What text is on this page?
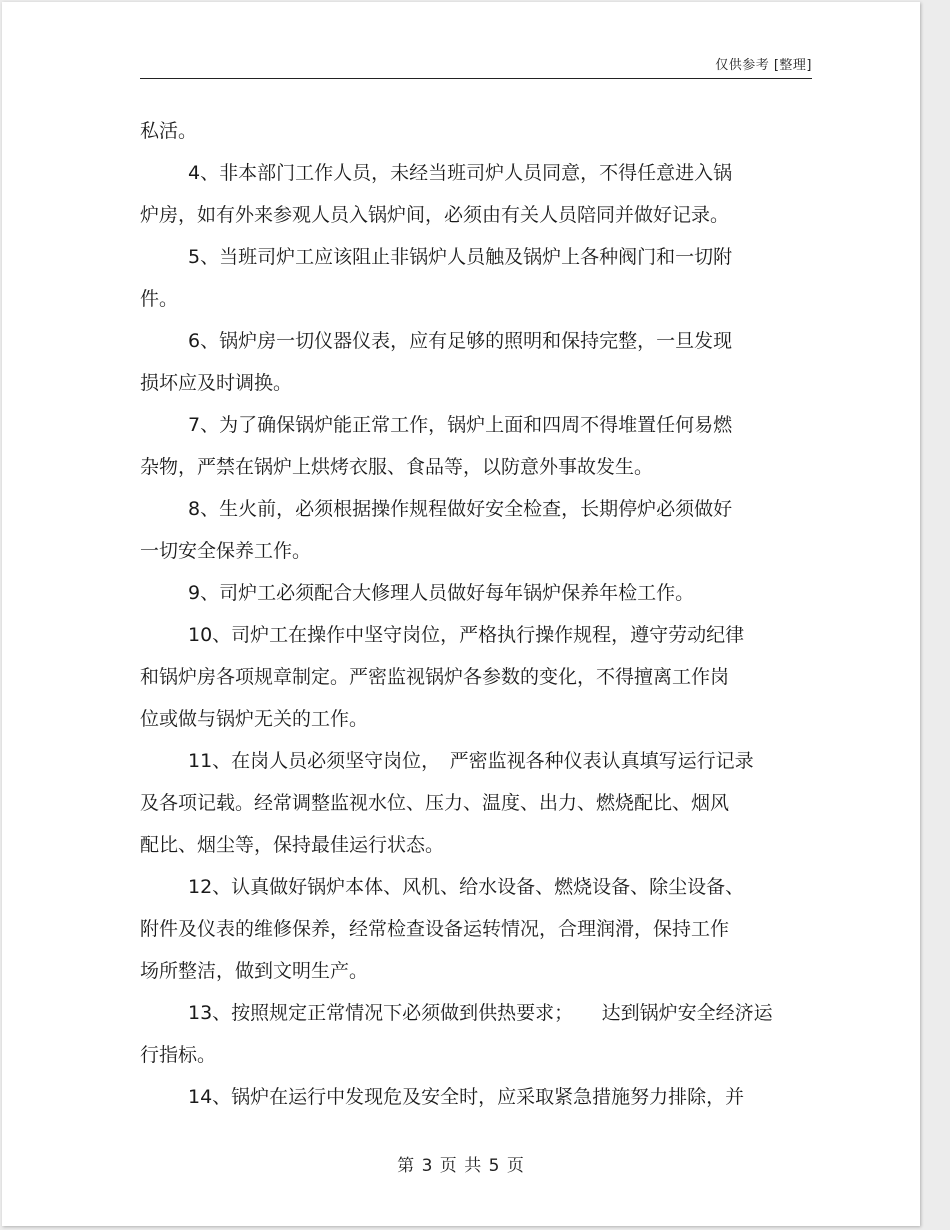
仅供参考 [整理]
私活。
4、非本部门工作人员，未经当班司炉人员同意，不得任意进入锅
炉房，如有外来参观人员入锅炉间，必须由有关人员陪同并做好记录。
5、当班司炉工应该阻止非锅炉人员触及锅炉上各种阀门和一切附
件。
6、锅炉房一切仪器仪表，应有足够的照明和保持完整，一旦发现
损坏应及时调换。
7、为了确保锅炉能正常工作，锅炉上面和四周不得堆置任何易燃
杂物，严禁在锅炉上烘烤衣服、食品等，以防意外事故发生。
8、生火前，必须根据操作规程做好安全检查，长期停炉必须做好
一切安全保养工作。
9、司炉工必须配合大修理人员做好每年锅炉保养年检工作。
10、司炉工在操作中坚守岗位，严格执行操作规程，遵守劳动纪律
和锅炉房各项规章制定。严密监视锅炉各参数的变化，不得擅离工作岗
位或做与锅炉无关的工作。
11、在岗人员必须坚守岗位，　严密监视各种仪表认真填写运行记录
及各项记载。经常调整监视水位、压力、温度、出力、燃烧配比、烟风
配比、烟尘等，保持最佳运行状态。
12、认真做好锅炉本体、风机、给水设备、燃烧设备、除尘设备、
附件及仪表的维修保养，经常检查设备运转情况，合理润滑，保持工作
场所整洁，做到文明生产。
13、按照规定正常情况下必须做到供热要求；　　达到锅炉安全经济运
行指标。
14、锅炉在运行中发现危及安全时，应采取紧急措施努力排除，并
第 3 页 共 5 页
